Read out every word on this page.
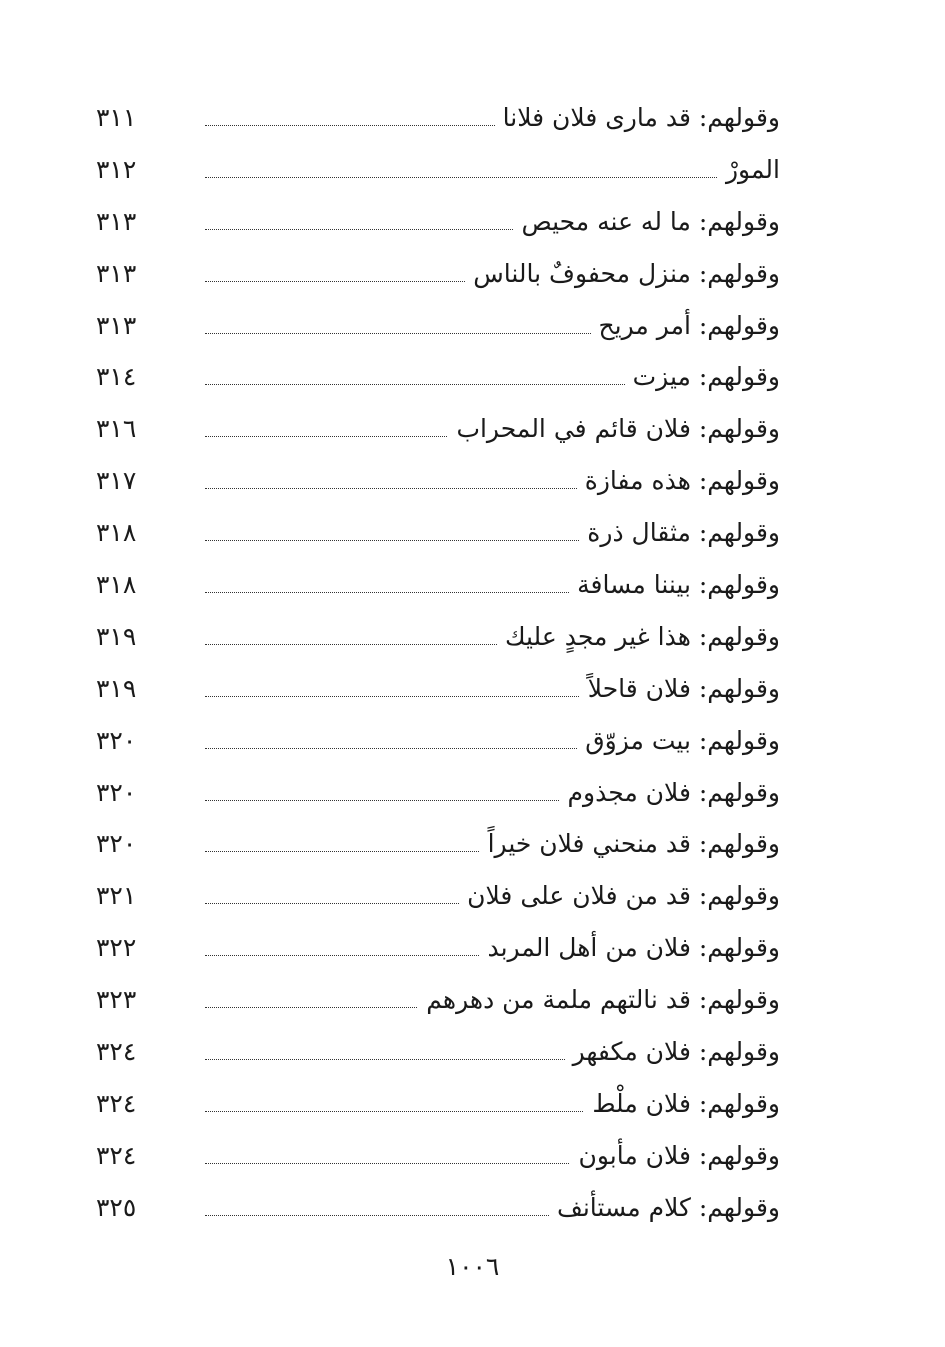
وقولهم: قد مارى فلان فلانا
٣١١
المورْ
٣١٢
وقولهم: ما له عنه محيص
٣١٣
وقولهم: منزل محفوفٌ بالناس
٣١٣
وقولهم: أمر مريح
٣١٣
وقولهم: ميزت
٣١٤
وقولهم: فلان قائم في المحراب
٣١٦
وقولهم: هذه مفازة
٣١٧
وقولهم: مثقال ذرة
٣١٨
وقولهم: بيننا مسافة
٣١٨
وقولهم: هذا غير مجدٍ عليك
٣١٩
وقولهم: فلان قاحلاً
٣١٩
وقولهم: بيت مزوّق
٣٢٠
وقولهم: فلان مجذوم
٣٢٠
وقولهم: قد منحني فلان خيراً
٣٢٠
وقولهم: قد من فلان على فلان
٣٢١
وقولهم: فلان من أهل المربد
٣٢٢
وقولهم: قد نالتهم ملمة من دهرهم
٣٢٣
وقولهم: فلان مكفهر
٣٢٤
وقولهم: فلان ملْط
٣٢٤
وقولهم: فلان مأبون
٣٢٤
وقولهم: كلام مستأنف
٣٢٥
١٠٠٦
